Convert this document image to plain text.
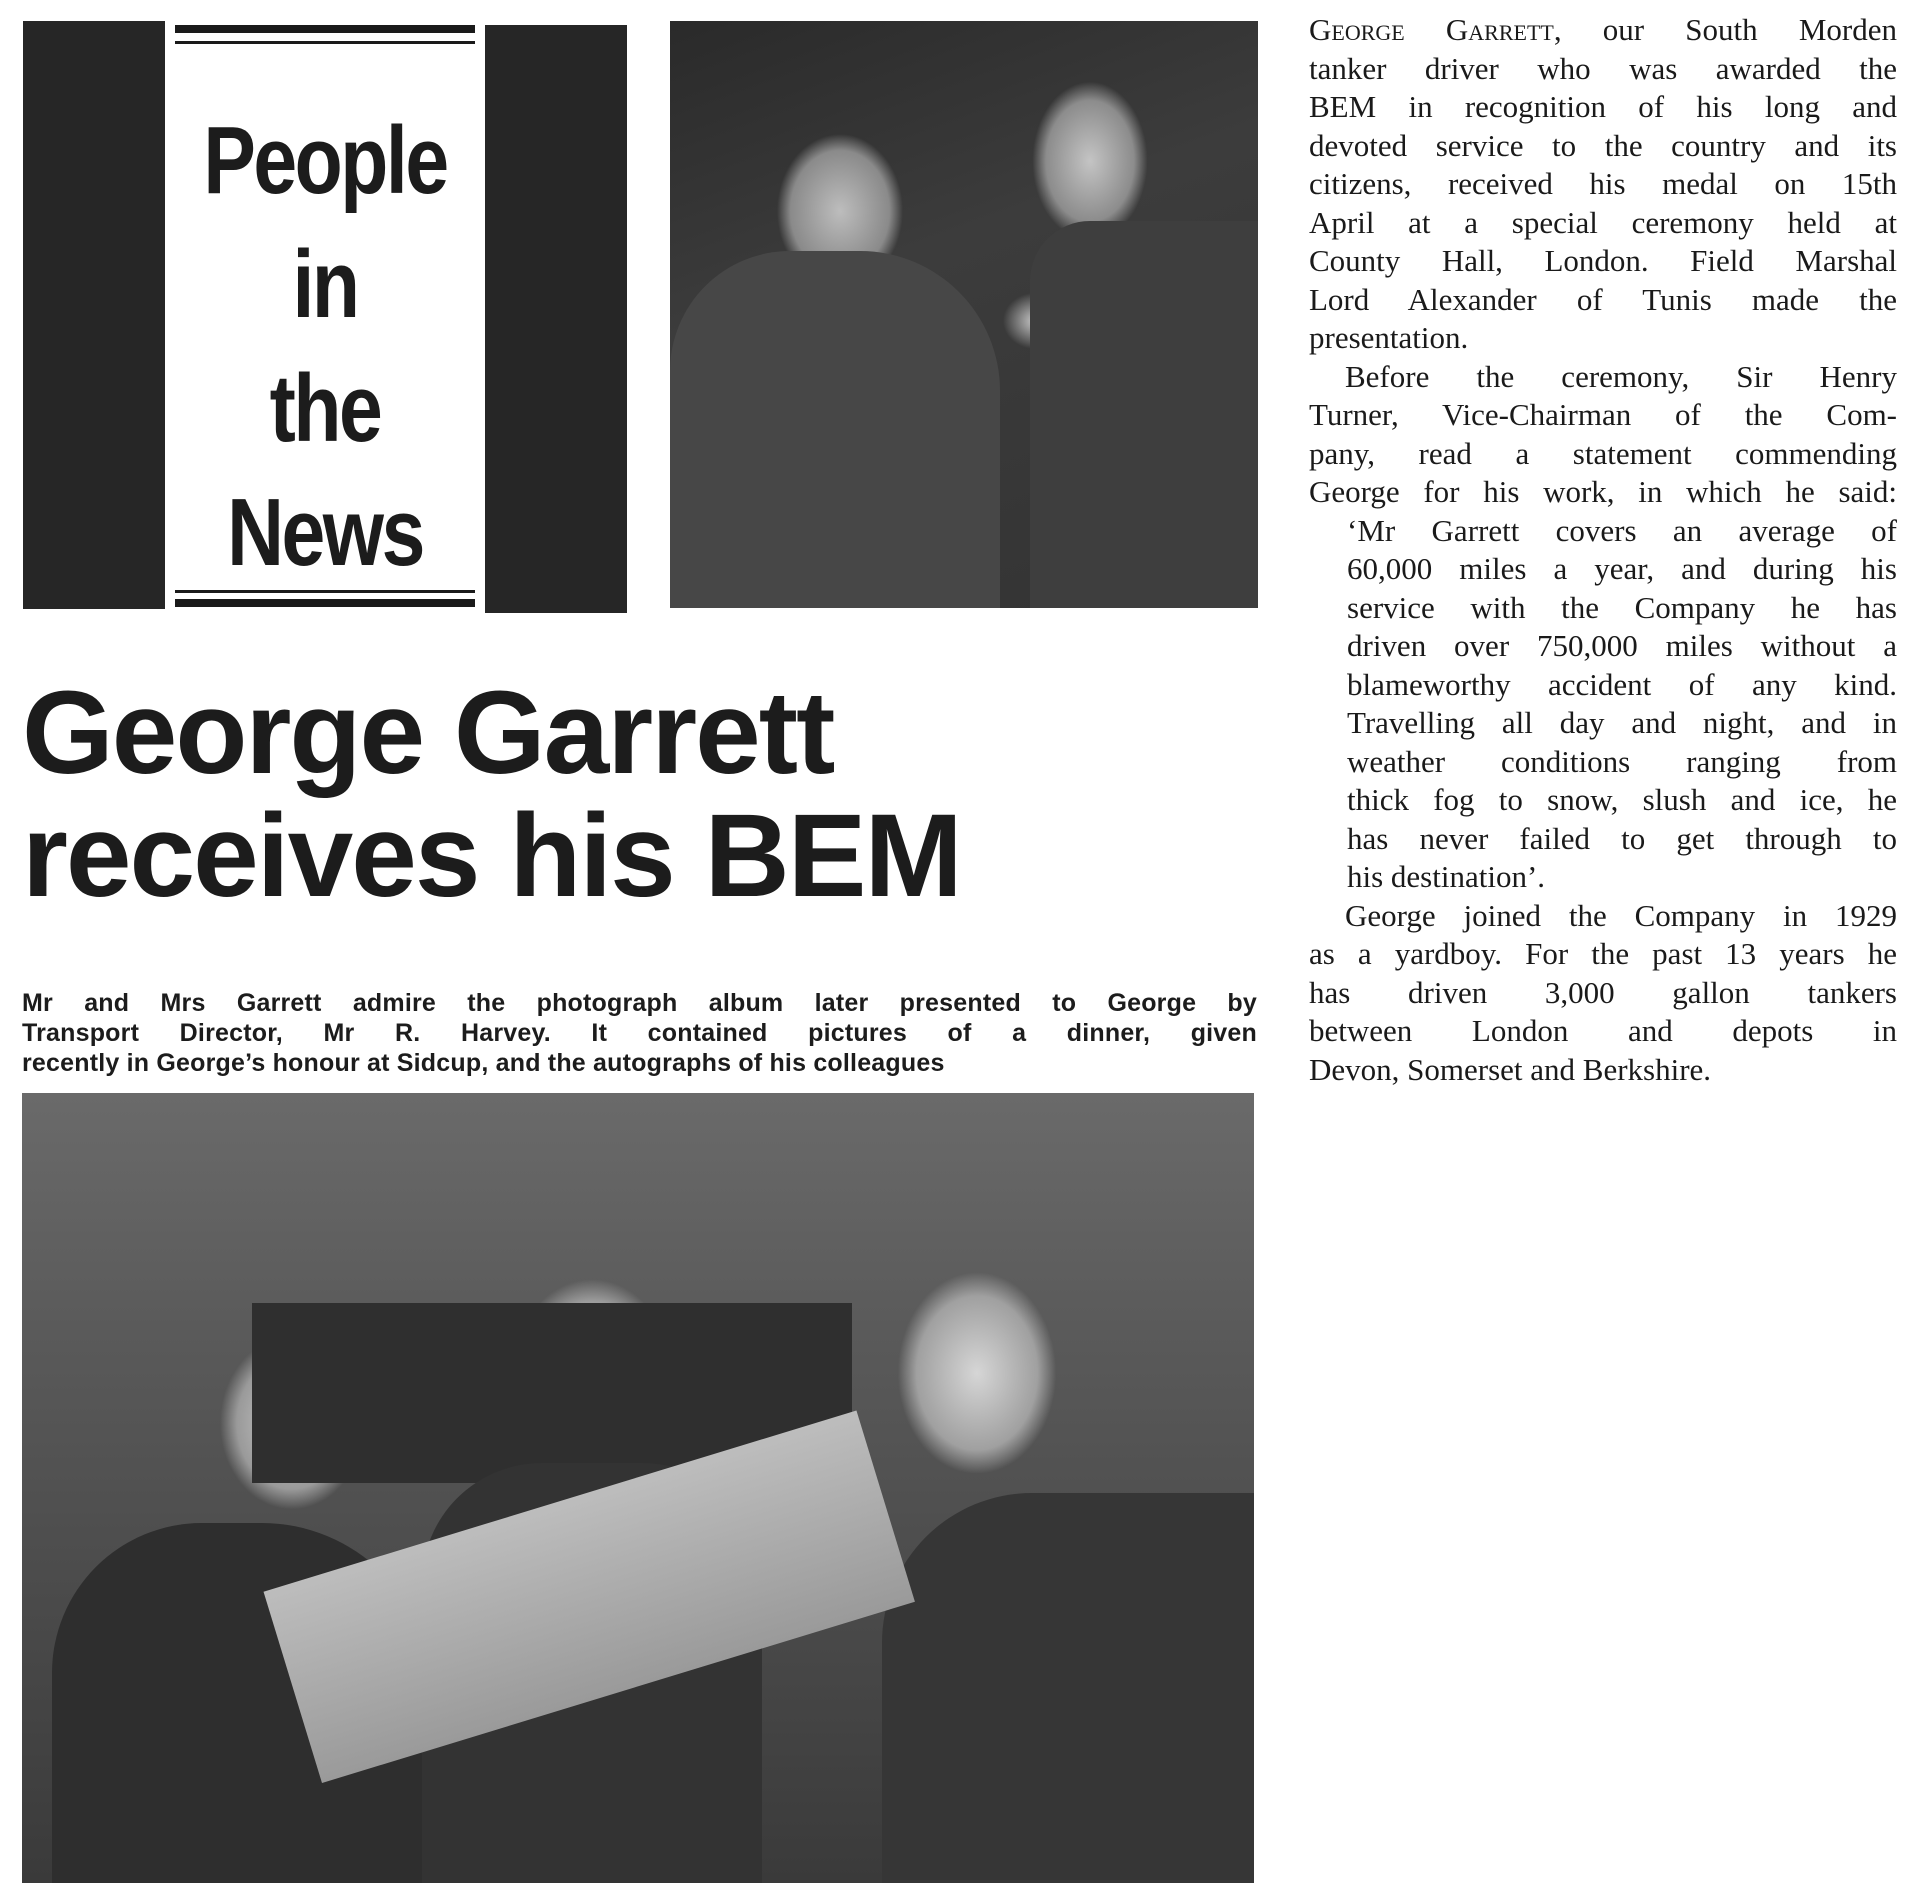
People
in
the
News
George Garrett
receives his BEM
Mr and Mrs Garrett admire the photograph album later presented to George by
Transport Director, Mr R. Harvey. It contained pictures of a dinner, given
recently in George’s honour at Sidcup, and the autographs of his colleagues
George Garrett, our South Morden
tanker driver who was awarded the
BEM in recognition of his long and
devoted service to the country and its
citizens, received his medal on 15th
April at a special ceremony held at
County Hall, London. Field Marshal
Lord Alexander of Tunis made the
presentation.
Before the ceremony, Sir Henry
Turner, Vice-Chairman of the Com-
pany, read a statement commending
George for his work, in which he said:
‘Mr Garrett covers an average of
60,000 miles a year, and during his
service with the Company he has
driven over 750,000 miles without a
blameworthy accident of any kind.
Travelling all day and night, and in
weather conditions ranging from
thick fog to snow, slush and ice, he
has never failed to get through to
his destination’.
George joined the Company in 1929
as a yardboy. For the past 13 years he
has driven 3,000 gallon tankers
between London and depots in
Devon, Somerset and Berkshire.
